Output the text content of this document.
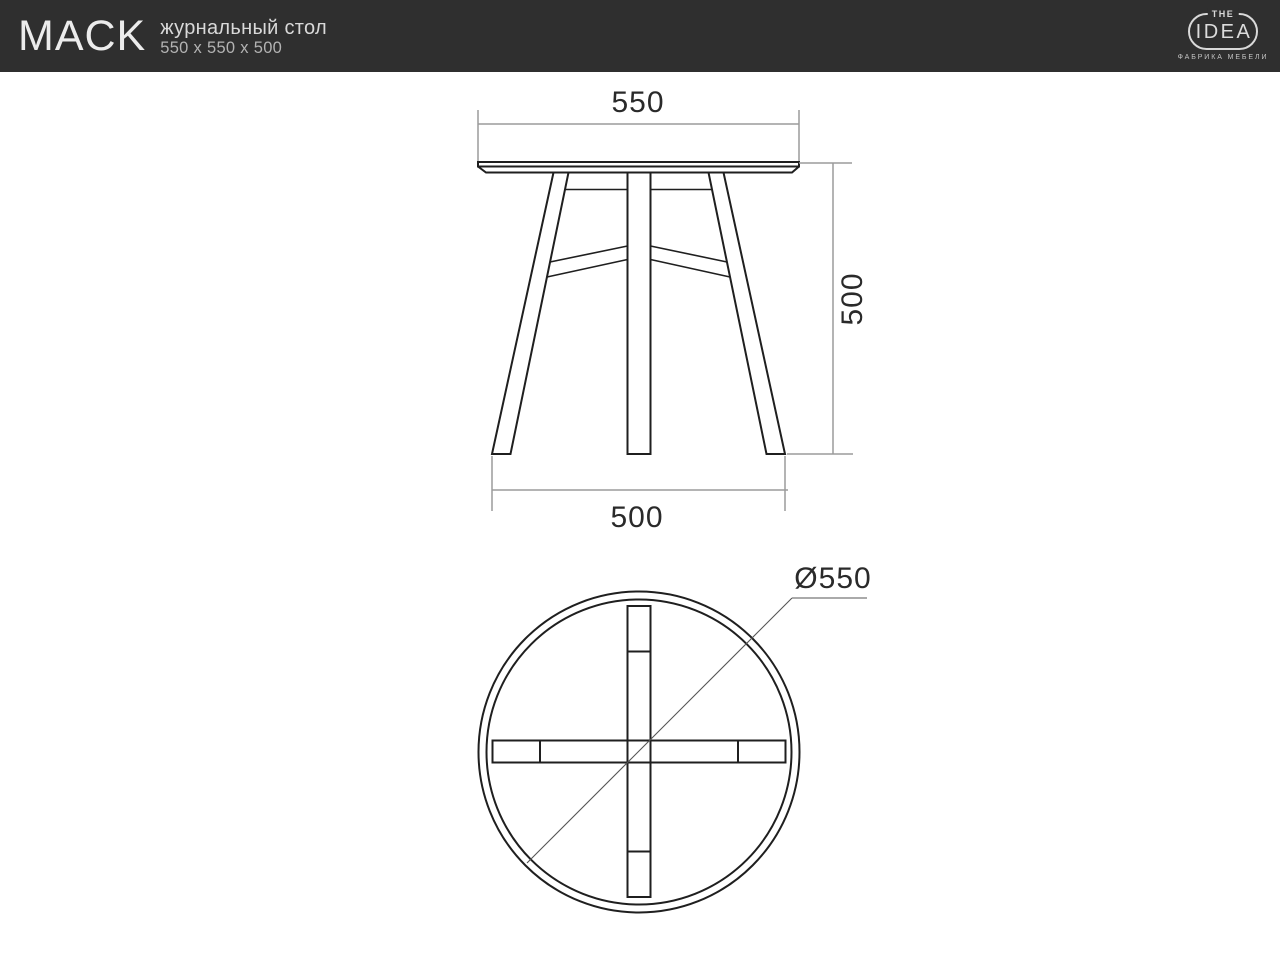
550
500
500
Ø550
MACK журнальный стол
550 x 550 x 500
THE
IDEA
ФАБРИКА МЕБЕЛИ
